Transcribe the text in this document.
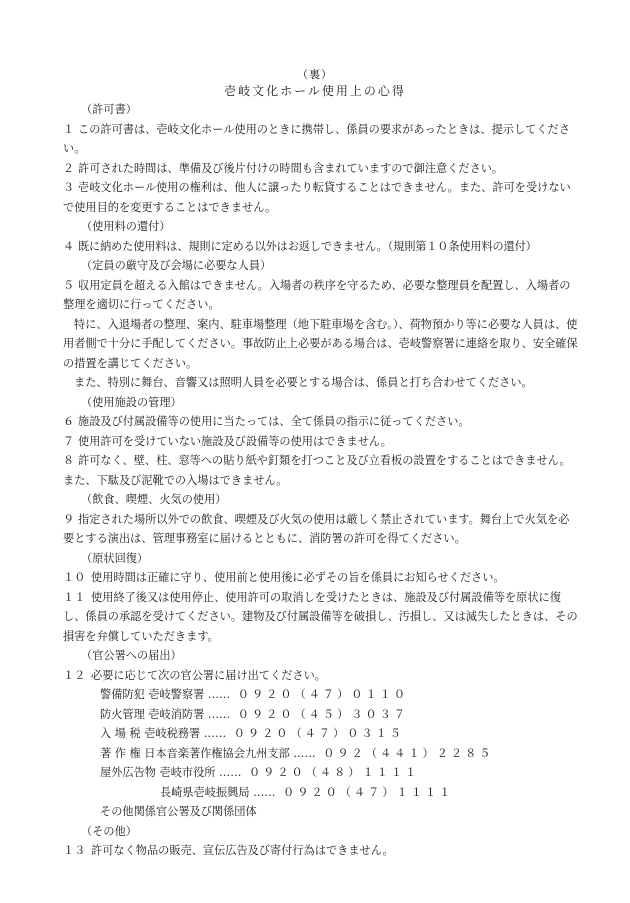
（裏）
壱岐文化ホール使用上の心得
（許可書）
１ この許可書は、壱岐文化ホール使用のときに携帯し、係員の要求があったときは、提示してください。
２ 許可された時間は、準備及び後片付けの時間も含まれていますので御注意ください。
３ 壱岐文化ホール使用の権利は、他人に譲ったり転貸することはできません。また、許可を受けないで使用目的を変更することはできません。
（使用料の還付）
４ 既に納めた使用料は、規則に定める以外はお返しできません。（規則第１０条使用料の還付）
（定員の厳守及び会場に必要な人員）
５ 収用定員を超える入館はできません。入場者の秩序を守るため、必要な整理員を配置し、入場者の整理を適切に行ってください。
特に、入退場者の整理、案内、駐車場整理（地下駐車場を含む。）、荷物預かり等に必要な人員は、使用者側で十分に手配してください。事故防止上必要がある場合は、壱岐警察署に連絡を取り、安全確保の措置を講じてください。
また、特別に舞台、音響又は照明人員を必要とする場合は、係員と打ち合わせてください。
（使用施設の管理）
６ 施設及び付属設備等の使用に当たっては、全て係員の指示に従ってください。
７ 使用許可を受けていない施設及び設備等の使用はできません。
８ 許可なく、壁、柱、窓等への貼り紙や釘類を打つこと及び立看板の設置をすることはできません。また、下駄及び泥靴での入場はできません。
（飲食、喫煙、火気の使用）
９ 指定された場所以外での飲食、喫煙及び火気の使用は厳しく禁止されています。舞台上で火気を必要とする演出は、管理事務室に届けるとともに、消防署の許可を得てください。
（原状回復）
１０ 使用時間は正確に守り、使用前と使用後に必ずその旨を係員にお知らせください。
１１ 使用終了後又は使用停止、使用許可の取消しを受けたときは、施設及び付属設備等を原状に復し、係員の承認を受けてください。建物及び付属設備等を破損し、汚損し、又は滅失したときは、その損害を弁償していただきます。
（官公署への届出）
１２ 必要に応じて次の官公署に届け出てください。
警備防犯 壱岐警察署 …… ０９２０（４７）０１１０
防火管理 壱岐消防署 …… ０９２０（４５）３０３７
入 場 税 壱岐税務署 …… ０９２０（４７）０３１５
著 作 権 日本音楽著作権協会九州支部 …… ０９２（４４１）２２８５
屋外広告物 壱岐市役所 …… ０９２０（４８）１１１１
長崎県壱岐振興局 …… ０９２０（４７）１１１１
その他関係官公署及び関係団体
（その他）
１３ 許可なく物品の販売、宣伝広告及び寄付行為はできません。
